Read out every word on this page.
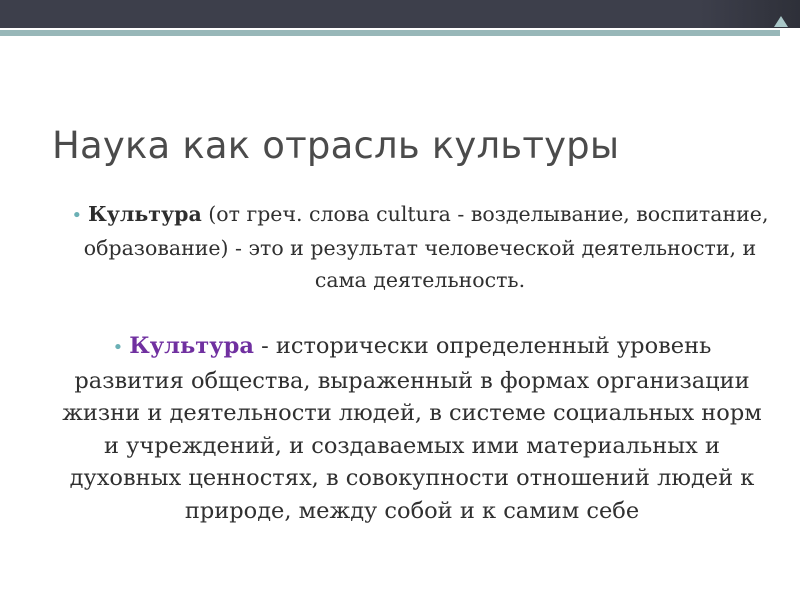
Наука как отрасль культуры

• Культура (от греч. слова cultura - возделывание, воспитание, образование) - это и результат человеческой деятельности, и сама деятельность.

• Культура - исторически определенный уровень развития общества, выраженный в формах организации жизни и деятельности людей, в системе социальных норм и учреждений, и создаваемых ими материальных и духовных ценностях, в совокупности отношений людей к природе, между собой и к самим себе
